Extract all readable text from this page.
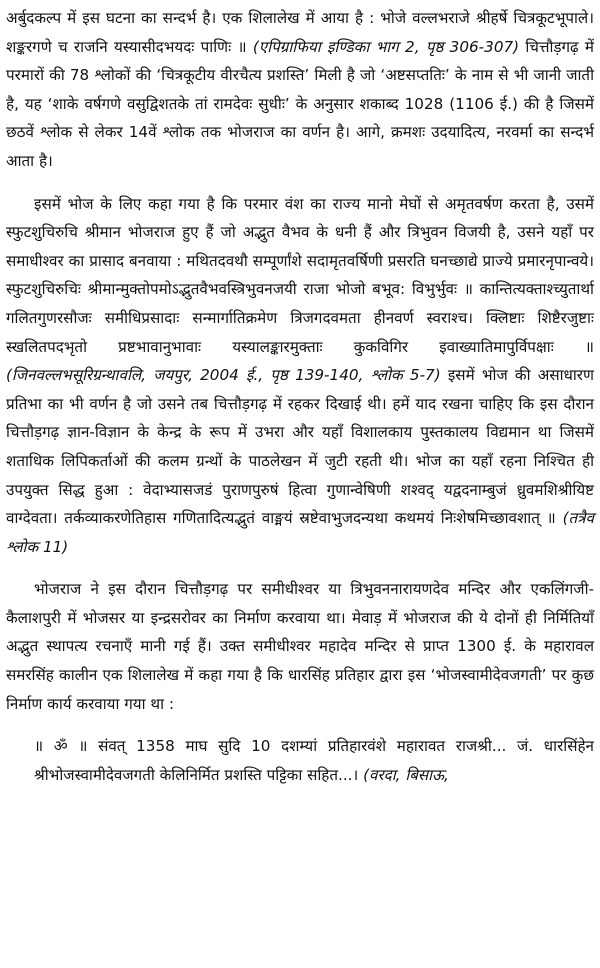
अर्बुदकल्प में इस घटना का सन्दर्भ है। एक शिलालेख में आया है : भोजे वल्लभराजे श्रीहर्षे चित्रकूटभूपाले। शङ्करगणे च राजनि यस्यासीदभयदः पाणिः ॥ (एपिग्राफिया इण्डिका भाग 2, पृष्ठ 306-307) चित्तौड़गढ़ में परमारों की 78 श्लोकों की ‘चित्रकूटीय वीरचैत्य प्रशस्ति’ मिली है जो ‘अष्टसप्ततिः’ के नाम से भी जानी जाती है, यह ‘शाके वर्षगणे वसुद्विशतके तां रामदेवः सुधीः’ के अनुसार शकाब्द 1028 (1106 ई.) की है जिसमें छठवें श्लोक से लेकर 14वें श्लोक तक भोजराज का वर्णन है। आगे, क्रमशः उदयादित्य, नरवर्मा का सन्दर्भ आता है।

इसमें भोज के लिए कहा गया है कि परमार वंश का राज्य मानो मेघों से अमृतवर्षण करता है, उसमें स्फुटशुचिरुचि श्रीमान भोजराज हुए हैं जो अद्भुत वैभव के धनी हैं और त्रिभुवन विजयी है, उसने यहाँ पर समाधीश्वर का प्रासाद बनवाया : मथितदवथौ सम्पूर्णांशे सदामृतवर्षिणी प्रसरति घनच्छाद्ये प्राज्ये प्रमारनृपान्वये। स्फुटशुचिरुचिः श्रीमान्मुक्तोपमोऽद्भुतवैभवस्त्रिभुवनजयी राजा भोजो बभूव: विभुर्भुवः ॥ कान्तित्यक्ताश्च्युतार्था गलितगुणरसौजः समीधिप्रसादाः सन्मार्गातिक्रमेण त्रिजगदवमता हीनवर्ण स्वराश्च। क्लिष्टाः शिष्टैरजुष्टाः स्खलितपदभृतो प्रष्टभावानुभावाः यस्यालङ्कारमुक्ताः कुकविगिर इवाख्यातिमापुर्विपक्षाः ॥ (जिनवल्लभसूरिग्रन्थावलि, जयपुर, 2004 ई., पृष्ठ 139-140, श्लोक 5-7) इसमें भोज की असाधारण प्रतिभा का भी वर्णन है जो उसने तब चित्तौड़गढ़ में रहकर दिखाई थी। हमें याद रखना चाहिए कि इस दौरान चित्तौड़गढ़ ज्ञान-विज्ञान के केन्द्र के रूप में उभरा और यहाँ विशालकाय पुस्तकालय विद्यमान था जिसमें शताधिक लिपिकर्ताओं की कलम ग्रन्थों के पाठलेखन में जुटी रहती थी। भोज का यहाँ रहना निश्चित ही उपयुक्त सिद्ध हुआ : वेदाभ्यासजडं पुराणपुरुषं हित्वा गुणान्वेषिणी शश्वद् यद्वदनाम्बुजं ध्रुवमशिश्रीयिष्ट वाग्देवता। तर्कव्याकरणेतिहास गणितादित्यद्भुतं वाङ्मयं स्रष्टेवाभुजदन्यथा कथमयं निःशेषमिच्छावशात् ॥ (तत्रैव श्लोक 11)

भोजराज ने इस दौरान चित्तौड़गढ़ पर समीधीश्वर या त्रिभुवननारायणदेव मन्दिर और एकलिंगजी-कैलाशपुरी में भोजसर या इन्द्रसरोवर का निर्माण करवाया था। मेवाड़ में भोजराज की ये दोनों ही निर्मितियाँ अद्भुत स्थापत्य रचनाएँ मानी गई हैं। उक्त समीधीश्वर महादेव मन्दिर से प्राप्त 1300 ई. के महारावल समरसिंह कालीन एक शिलालेख में कहा गया है कि धारसिंह प्रतिहार द्वारा इस ‘भोजस्वामीदेवजगती’ पर कुछ निर्माण कार्य करवाया गया था :

॥ ॐ ॥ संवत् 1358 माघ सुदि 10 दशम्यां प्रतिहारवंशे महारावत राजश्री... जं. धारसिंहेन श्रीभोजस्वामीदेवजगती केलिनिर्मित प्रशस्ति पट्टिका सहित...। (वरदा, बिसाऊ,
